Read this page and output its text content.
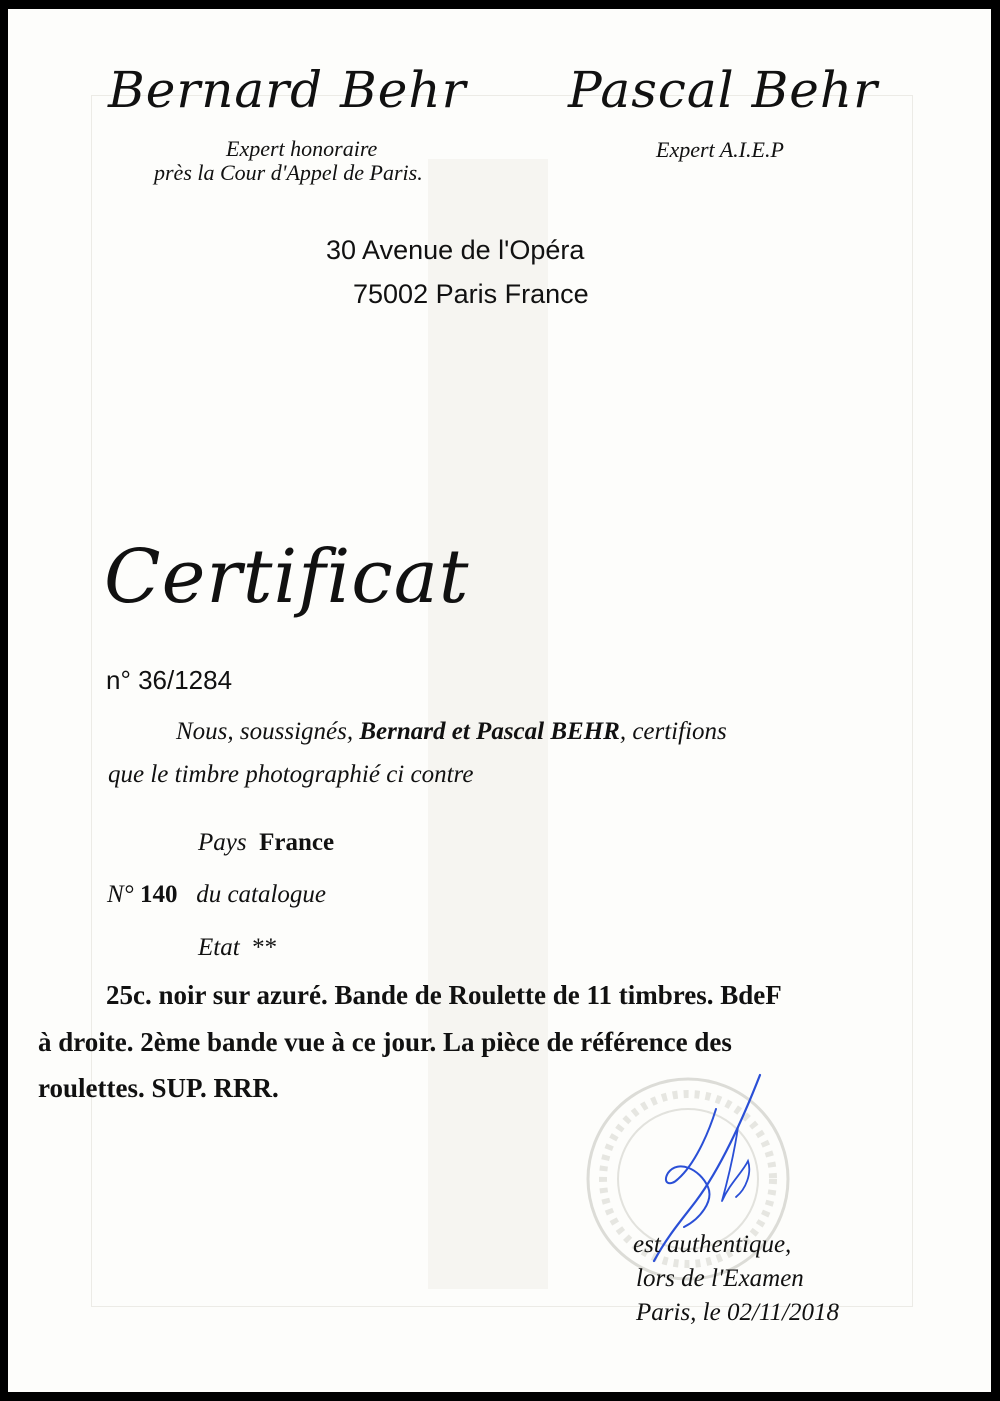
Bernard Behr
Expert honoraire
près la Cour d'Appel de Paris.
Pascal Behr
Expert A.I.E.P
30 Avenue de l'Opéra
75002 Paris France
Certificat
n° 36/1284
Nous, soussignés, Bernard et Pascal BEHR, certifions
que le timbre photographié ci contre
Pays France
N° 140 du catalogue
Etat **
25c. noir sur azuré. Bande de Roulette de 11 timbres. BdeF
à droite. 2ème bande vue à ce jour. La pièce de référence des
roulettes. SUP. RRR.
est authentique,
lors de l'Examen
Paris, le 02/11/2018
